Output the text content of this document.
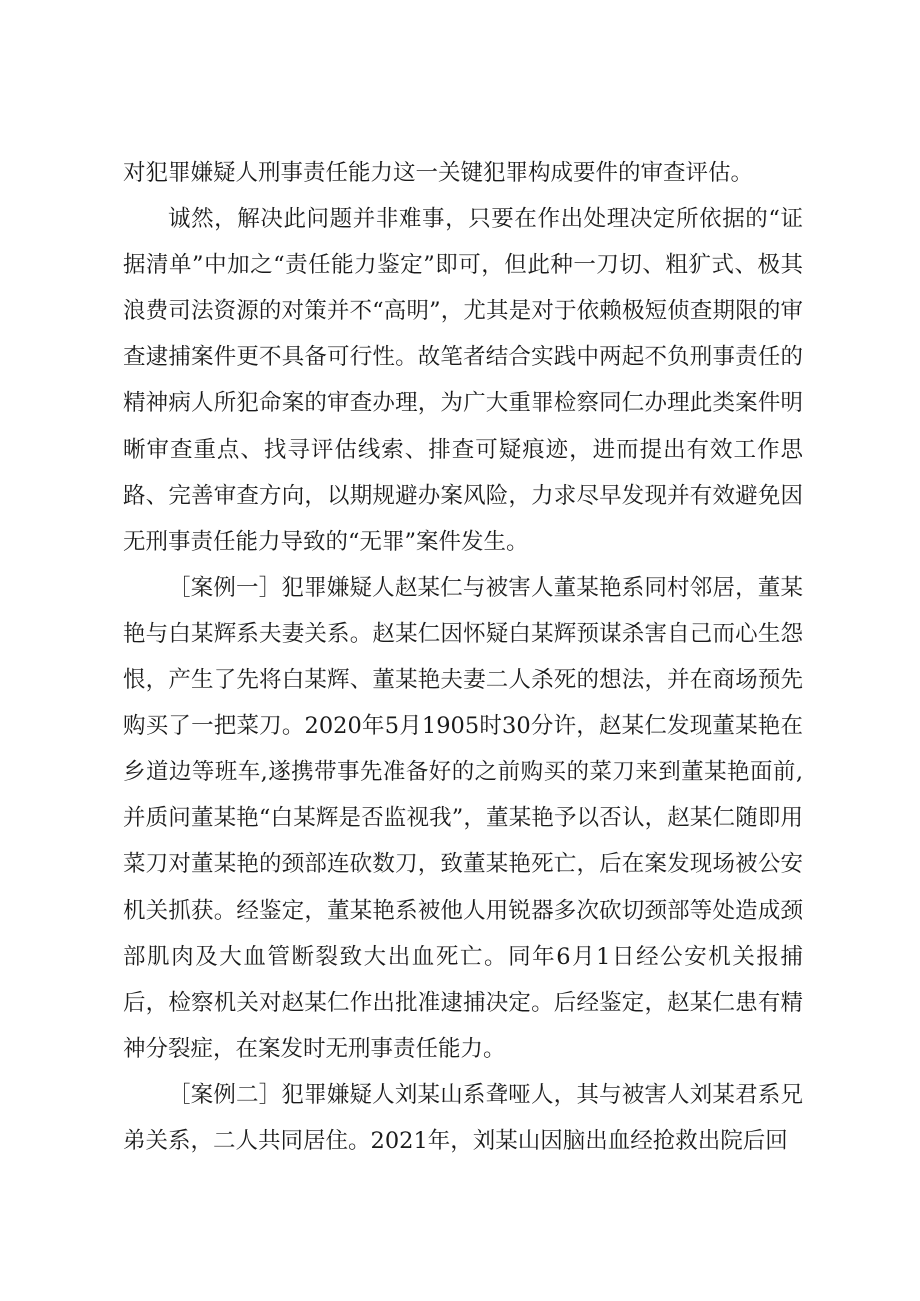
对犯罪嫌疑人刑事责任能力这一关键犯罪构成要件的审查评估。

诚然，解决此问题并非难事，只要在作出处理决定所依据的“证据清单”中加之“责任能力鉴定”即可，但此种一刀切、粗犷式、极其浪费司法资源的对策并不“高明”，尤其是对于依赖极短侦查期限的审查逮捕案件更不具备可行性。故笔者结合实践中两起不负刑事责任的精神病人所犯命案的审查办理，为广大重罪检察同仁办理此类案件明晰审查重点、找寻评估线索、排查可疑痕迹，进而提出有效工作思路、完善审查方向，以期规避办案风险，力求尽早发现并有效避免因无刑事责任能力导致的“无罪”案件发生。

［案例一］犯罪嫌疑人赵某仁与被害人董某艳系同村邻居，董某艳与白某辉系夫妻关系。赵某仁因怀疑白某辉预谋杀害自己而心生怨恨，产生了先将白某辉、董某艳夫妻二人杀死的想法，并在商场预先购买了一把菜刀。2020年5月1905时30分许，赵某仁发现董某艳在乡道边等班车,遂携带事先准备好的之前购买的菜刀来到董某艳面前,并质问董某艳“白某辉是否监视我”，董某艳予以否认，赵某仁随即用菜刀对董某艳的颈部连砍数刀，致董某艳死亡，后在案发现场被公安机关抓获。经鉴定，董某艳系被他人用锐器多次砍切颈部等处造成颈部肌肉及大血管断裂致大出血死亡。同年6月1日经公安机关报捕后，检察机关对赵某仁作出批准逮捕决定。后经鉴定，赵某仁患有精神分裂症，在案发时无刑事责任能力。

［案例二］犯罪嫌疑人刘某山系聋哑人，其与被害人刘某君系兄弟关系，二人共同居住。2021年，刘某山因脑出血经抢救出院后回
